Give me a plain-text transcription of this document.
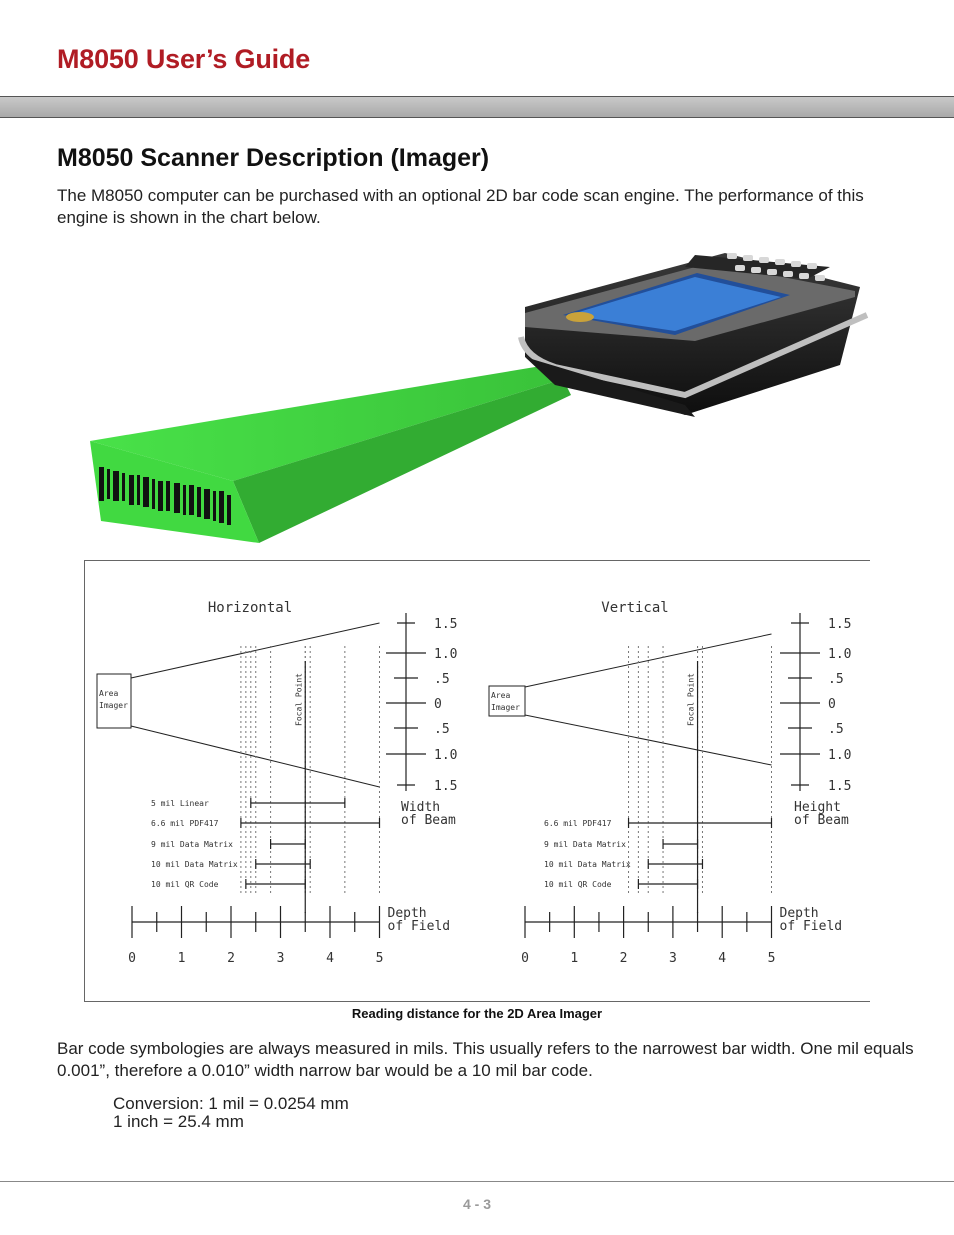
M8050 User’s Guide
M8050 Scanner Description (Imager)

The M8050 computer can be purchased with an optional 2D bar code scan engine. The performance of this engine is shown in the chart below.

Horizontal
Area
Imager	Focal Point
1.5
1.0
.5
0
.5
1.0
1.5
Width
of Beam
5 mil Linear
6.6 mil PDF417
9 mil Data Matrix
10 mil Data Matrix
10 mil QR Code
0	1	2	3	4	5
Depth
of Field
Vertical
Area
Imager	Focal Point
1.5
1.0
.5
0
.5
1.0
1.5
Height
of Beam
6.6 mil PDF417
9 mil Data Matrix
10 mil Data Matrix
10 mil QR Code
0	1	2	3	4	5
Depth
of Field

Reading distance for the 2D Area Imager

Bar code symbologies are always measured in mils. This usually refers to the narrowest bar width. One mil equals 0.001”, therefore a 0.010” width narrow bar would be a 10 mil bar code.

Conversion: 1 mil = 0.0254 mm
1 inch = 25.4 mm
4 - 3
